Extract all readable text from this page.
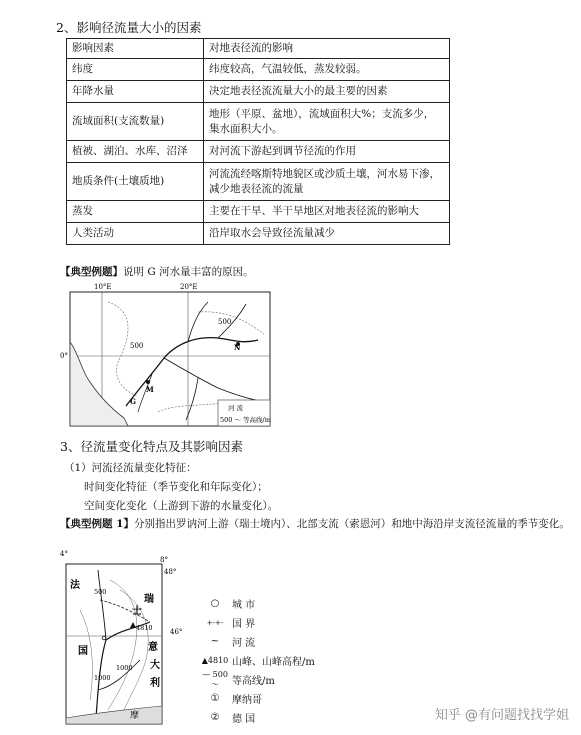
2、影响径流量大小的因素
影响因素	对地表径流的影响
纬度	纬度较高，气温较低，蒸发较弱。
年降水量	决定地表径流流量大小的最主要的因素
流域面积(支流数量)	地形（平原、盆地），流域面积大%；支流多少，集水面积大小。
植被、湖泊、水库、沼泽	对河流下游起到调节径流的作用
地质条件(土壤质地)	河流流经喀斯特地貌区或沙质土壤，河水易下渗，减少地表径流的流量
蒸发	主要在干旱、半干旱地区对地表径流的影响大
人类活动	沿岸取水会导致径流量减少
【典型例题】说明 G 河水量丰富的原因。
10°E	20°E
0°
500
500
N
M
G
河 流
500 ～ 等高线/m
3、径流量变化特点及其影响因素
（1）河流径流量变化特征：
时间变化特征（季节变化和年际变化）；
空间变化变化（上游到下游的水量变化）。
【典型例题 1】分别指出罗讷河上游（瑞士境内）、北部支流（索恩河）和地中海沿岸支流径流量的季节变化。
4°
8°
48°
46°
法
国
瑞
士
意
大
利
摩
500
1000
1000
4810
○	城 市
+-+- 国 界
~	河 流
▲4810 山峰、山峰高程/m
— 500 ～	等高线/m
①	摩纳哥
②	德 国	知乎 @有问题找找学姐
